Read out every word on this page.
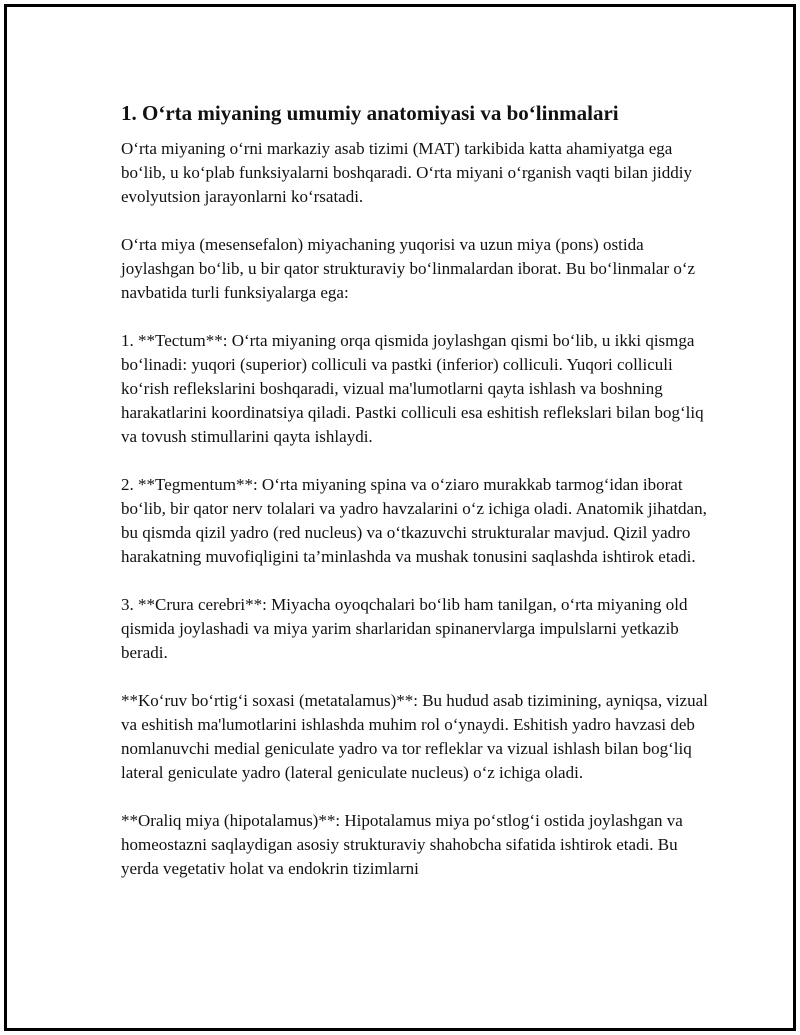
1. O‘rta miyaning umumiy anatomiyasi va bo‘linmalari

O‘rta miyaning o‘rni markaziy asab tizimi (MAT) tarkibida katta ahamiyatga ega bo‘lib, u ko‘plab funksiyalarni boshqaradi. O‘rta miyani o‘rganish vaqti bilan jiddiy evolyutsion jarayonlarni ko‘rsatadi.

O‘rta miya (mesensefalon) miyachaning yuqorisi va uzun miya (pons) ostida joylashgan bo‘lib, u bir qator strukturaviy bo‘linmalardan iborat. Bu bo‘linmalar o‘z navbatida turli funksiyalarga ega:

1. **Tectum**: O‘rta miyaning orqa qismida joylashgan qismi bo‘lib, u ikki qismga bo‘linadi: yuqori (superior) colliculi va pastki (inferior) colliculi. Yuqori colliculi ko‘rish reflekslarini boshqaradi, vizual ma'lumotlarni qayta ishlash va boshning harakatlarini koordinatsiya qiladi. Pastki colliculi esa eshitish reflekslari bilan bog‘liq va tovush stimullarini qayta ishlaydi.

2. **Tegmentum**: O‘rta miyaning spina va o‘ziaro murakkab tarmog‘idan iborat bo‘lib, bir qator nerv tolalari va yadro havzalarini o‘z ichiga oladi. Anatomik jihatdan, bu qismda qizil yadro (red nucleus) va o‘tkazuvchi strukturalar mavjud. Qizil yadro harakatning muvofiqligini ta’minlashda va mushak tonusini saqlashda ishtirok etadi.

3. **Crura cerebri**: Miyacha oyoqchalari bo‘lib ham tanilgan, o‘rta miyaning old qismida joylashadi va miya yarim sharlaridan spinanervlarga impulslarni yetkazib beradi.

**Ko‘ruv bo‘rtig‘i soxasi (metatalamus)**: Bu hudud asab tizimining, ayniqsa, vizual va eshitish ma'lumotlarini ishlashda muhim rol o‘ynaydi. Eshitish yadro havzasi deb nomlanuvchi medial geniculate yadro va tor refleklar va vizual ishlash bilan bog‘liq lateral geniculate yadro (lateral geniculate nucleus) o‘z ichiga oladi.

**Oraliq miya (hipotalamus)**: Hipotalamus miya po‘stlog‘i ostida joylashgan va homeostazni saqlaydigan asosiy strukturaviy shahobcha sifatida ishtirok etadi. Bu yerda vegetativ holat va endokrin tizimlarni
